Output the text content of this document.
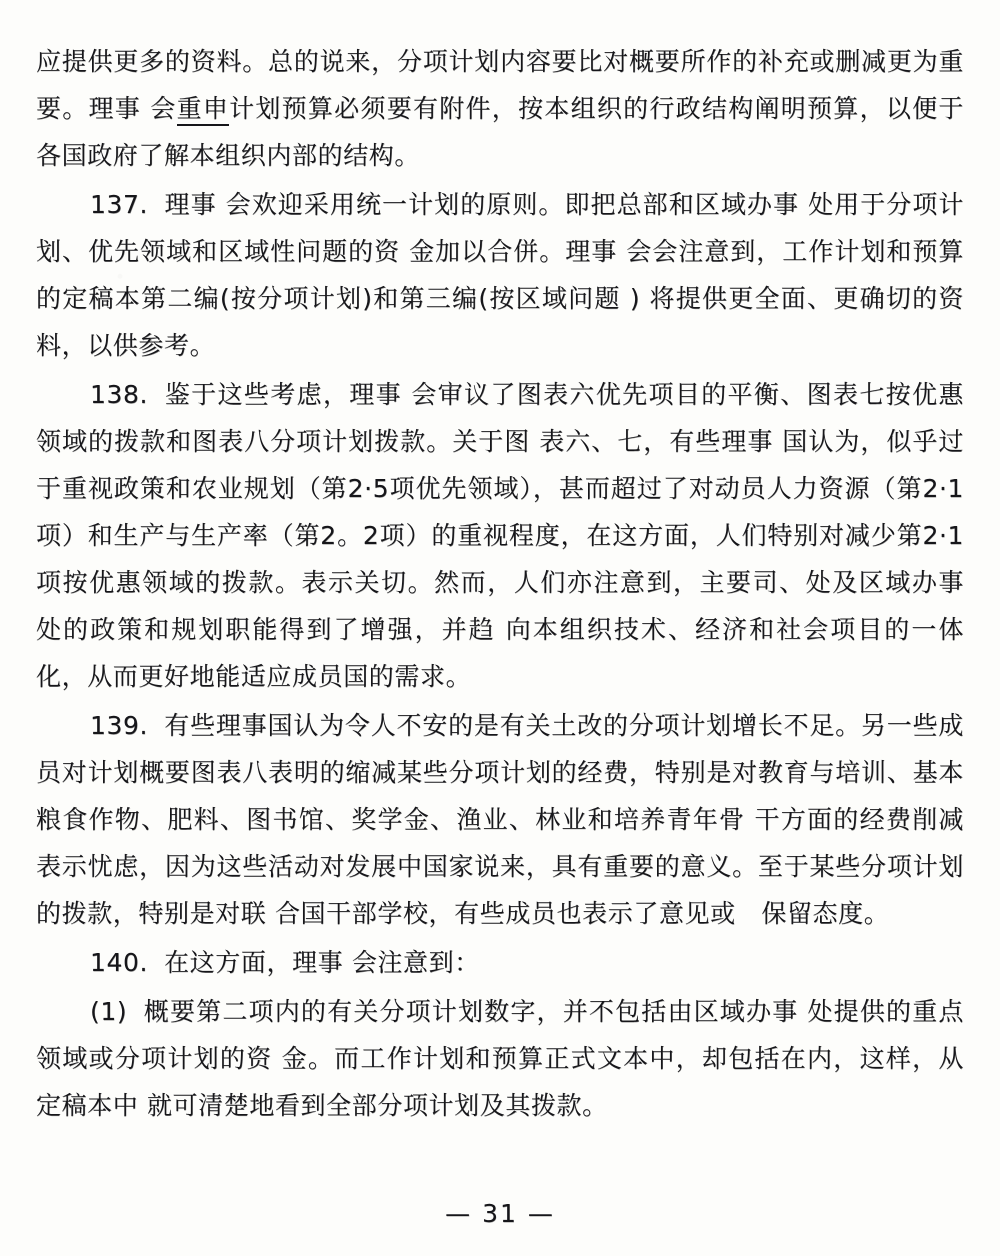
应提供更多的资料。总的说来，分项计划内容要比对概要所作的补充或删减更为重要。理事 会重申计划预算必须要有附件，按本组织的行政结构阐明预算，以便于各国政府了解本组织内部的结构。

137. 理事 会欢迎采用统一计划的原则。即把总部和区域办事 处用于分项计划、优先领域和区域性问题的资 金加以合併。理事 会会注意到，工作计划和预算的定稿本第二编(按分项计划)和第三编(按区域问题 ) 将提供更全面、更确切的资料，以供参考。

138. 鉴于这些考虑，理事 会审议了图表六优先项目的平衡、图表七按优惠领域的拨款和图表八分项计划拨款。关于图 表六、七，有些理事 国认为，似乎过于重视政策和农业规划（第2·5项优先领域），甚而超过了对动员人力资源（第2·1项）和生产与生产率（第2。2项）的重视程度，在这方面，人们特别对减少第2·1项按优惠领域的拨款。表示关切。然而，人们亦注意到，主要司、处及区域办事 处的政策和规划职能得到了增强，并趋 向本组织技术、经济和社会项目的一体化，从而更好地能适应成员国的需求。

139. 有些理事国认为令人不安的是有关土改的分项计划增长不足。另一些成员对计划概要图表八表明的缩减某些分项计划的经费，特别是对教育与培训、基本粮食作物、肥料、图书馆、奖学金、渔业、林业和培养青年骨 干方面的经费削减表示忧虑，因为这些活动对发展中国家说来，具有重要的意义。至于某些分项计划的拨款，特别是对联 合国干部学校，有些成员也表示了意见或　保留态度。

140. 在这方面，理事 会注意到：

(1) 概要第二项内的有关分项计划数字，并不包括由区域办事 处提供的重点领域或分项计划的资 金。而工作计划和预算正式文本中，却包括在内，这样，从定稿本中 就可清楚地看到全部分项计划及其拨款。

— 31 —
